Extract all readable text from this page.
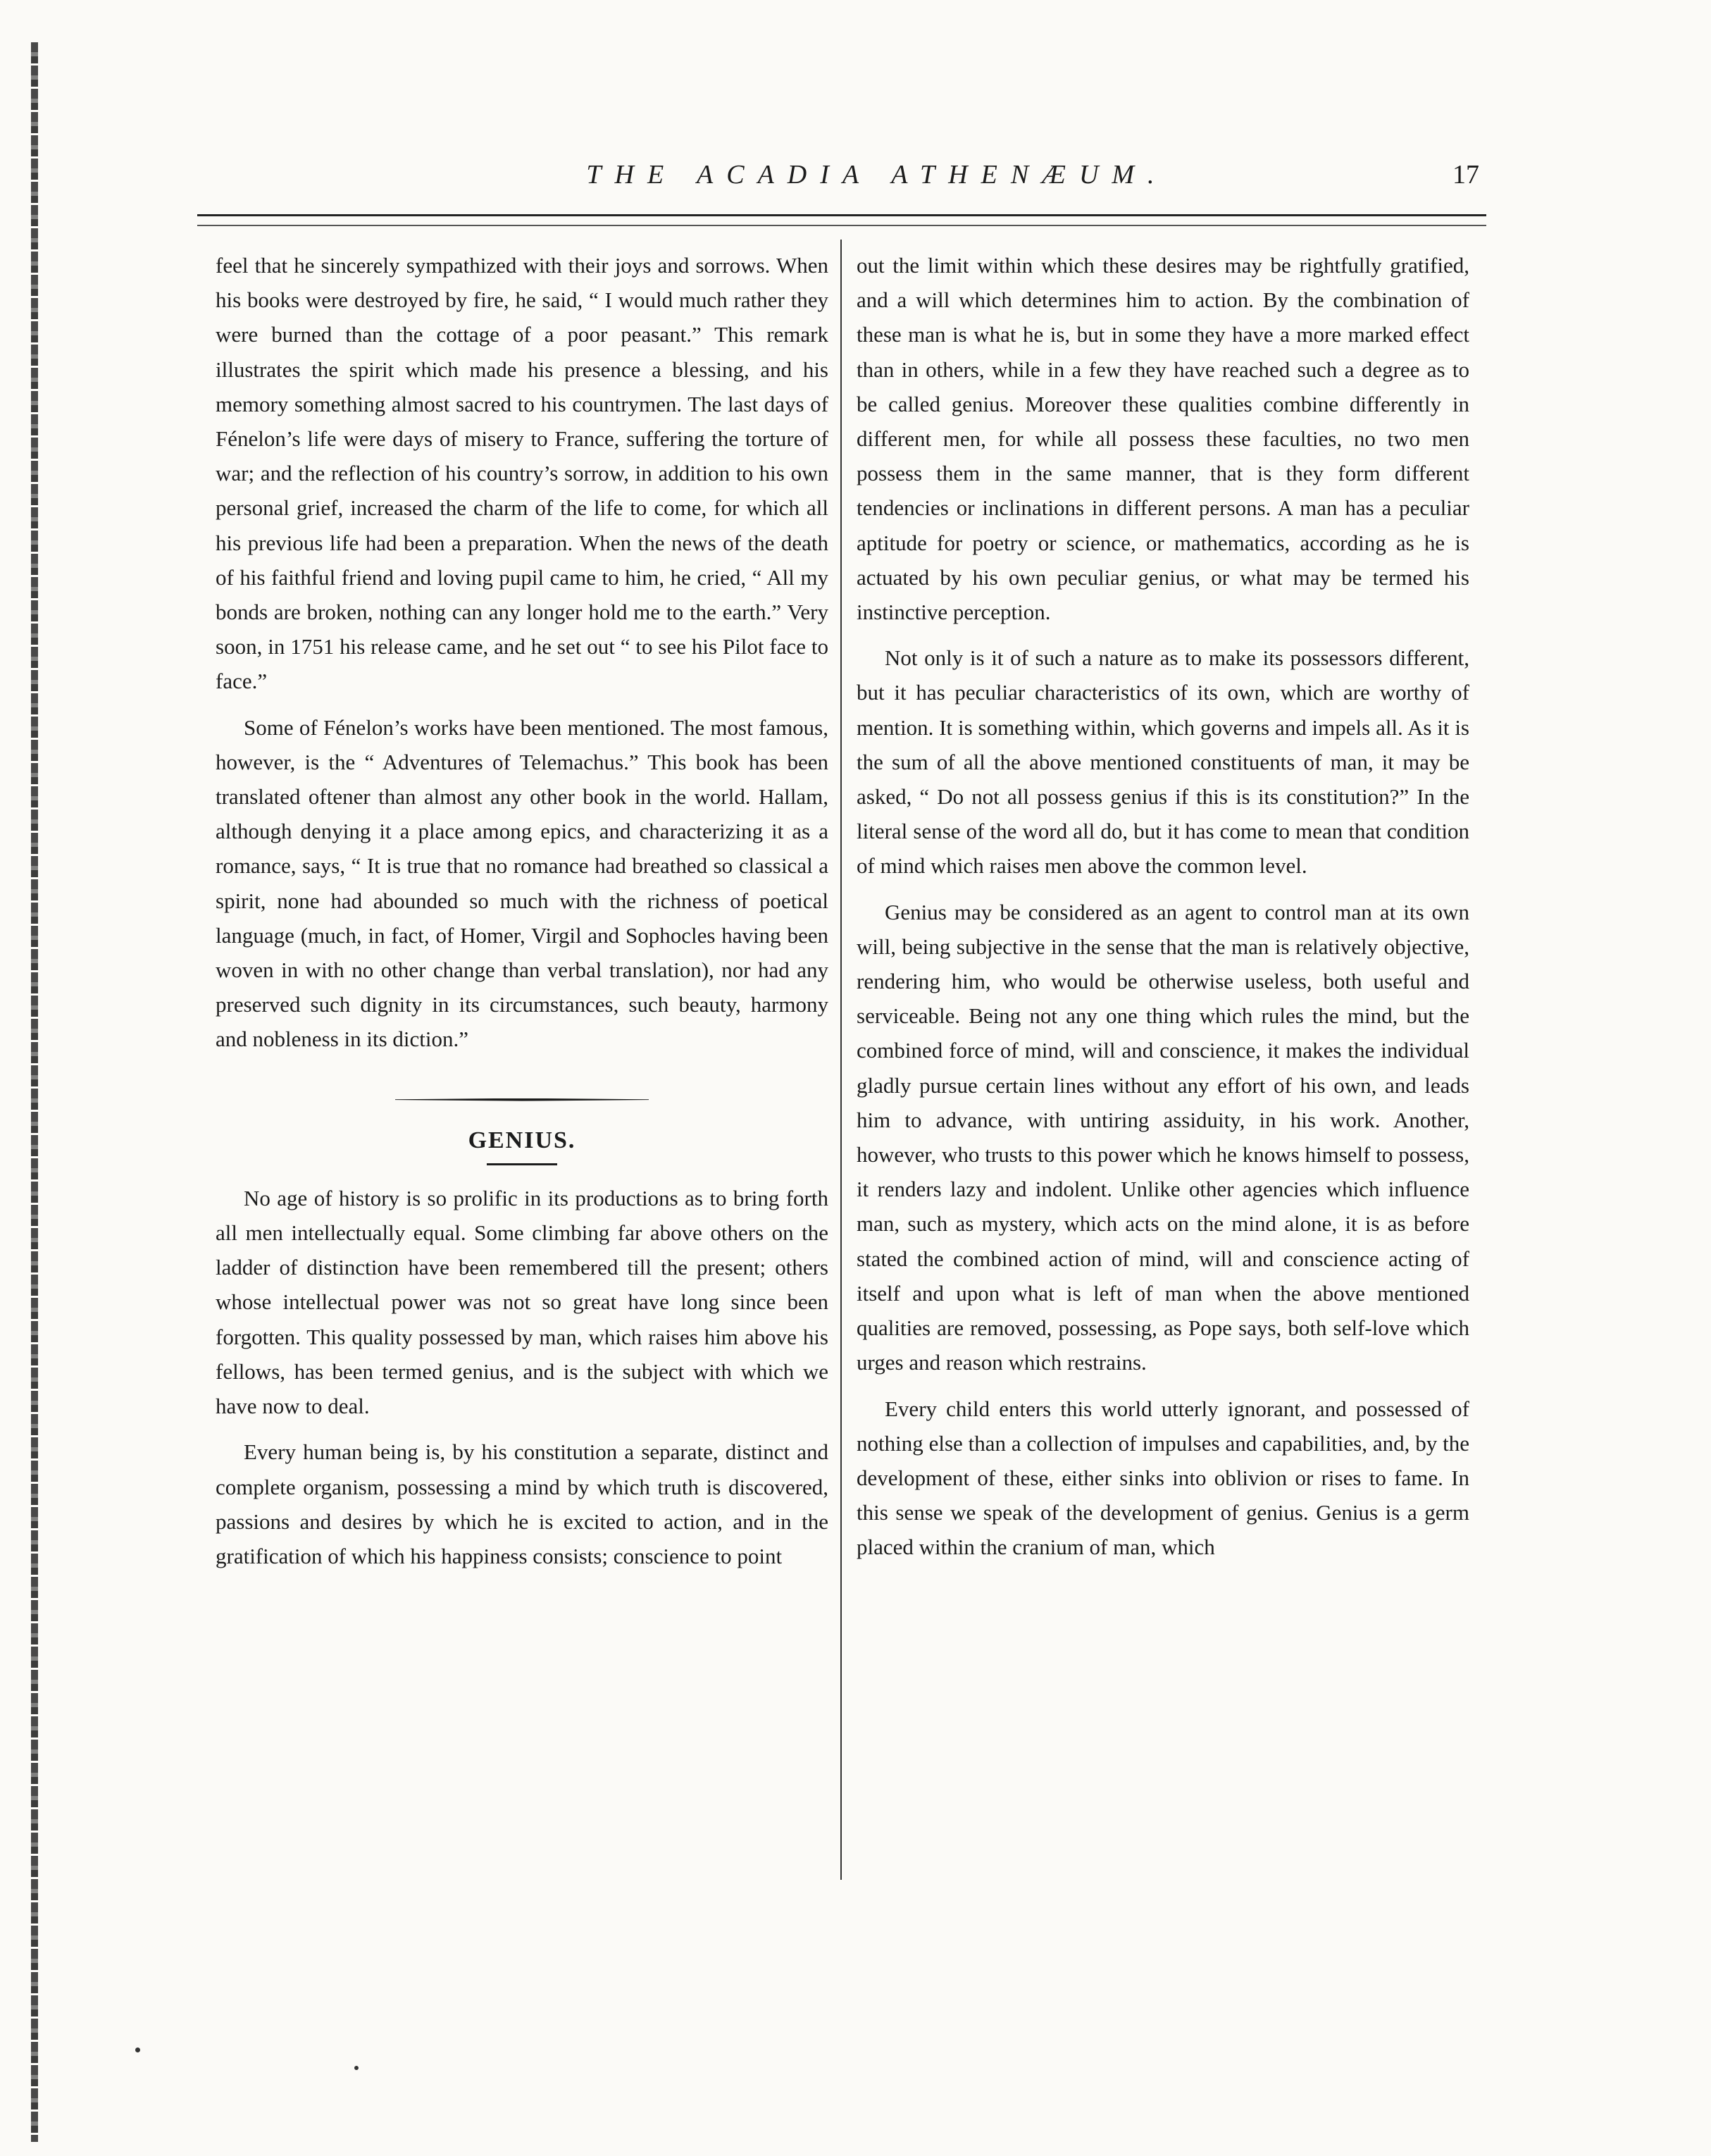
THE ACADIA ATHENÆUM.	17

feel that he sincerely sympathized with their joys and sorrows. When his books were destroyed by fire, he said, “ I would much rather they were burned than the cottage of a poor peasant.” This remark illustrates the spirit which made his presence a blessing, and his memory something almost sacred to his countrymen. The last days of Fénelon’s life were days of misery to France, suffering the torture of war; and the reflection of his country’s sorrow, in addition to his own personal grief, increased the charm of the life to come, for which all his previous life had been a preparation. When the news of the death of his faithful friend and loving pupil came to him, he cried, “ All my bonds are broken, nothing can any longer hold me to the earth.” Very soon, in 1751 his release came, and he set out “ to see his Pilot face to face.”

Some of Fénelon’s works have been mentioned. The most famous, however, is the “ Adventures of Telemachus.” This book has been translated oftener than almost any other book in the world. Hallam, although denying it a place among epics, and characterizing it as a romance, says, “ It is true that no romance had breathed so classical a spirit, none had abounded so much with the richness of poetical language (much, in fact, of Homer, Virgil and Sophocles having been woven in with no other change than verbal translation), nor had any preserved such dignity in its circumstances, such beauty, harmony and nobleness in its diction.”

GENIUS.

No age of history is so prolific in its productions as to bring forth all men intellectually equal. Some climbing far above others on the ladder of distinction have been remembered till the present; others whose intellectual power was not so great have long since been forgotten. This quality possessed by man, which raises him above his fellows, has been termed genius, and is the subject with which we have now to deal.

Every human being is, by his constitution a separate, distinct and complete organism, possessing a mind by which truth is discovered, passions and desires by which he is excited to action, and in the gratification of which his happiness consists; conscience to point

out the limit within which these desires may be rightfully gratified, and a will which determines him to action. By the combination of these man is what he is, but in some they have a more marked effect than in others, while in a few they have reached such a degree as to be called genius. Moreover these qualities combine differently in different men, for while all possess these faculties, no two men possess them in the same manner, that is they form different tendencies or inclinations in different persons. A man has a peculiar aptitude for poetry or science, or mathematics, according as he is actuated by his own peculiar genius, or what may be termed his instinctive perception.

Not only is it of such a nature as to make its possessors different, but it has peculiar characteristics of its own, which are worthy of mention. It is something within, which governs and impels all. As it is the sum of all the above mentioned constituents of man, it may be asked, “ Do not all possess genius if this is its constitution?” In the literal sense of the word all do, but it has come to mean that condition of mind which raises men above the common level.

Genius may be considered as an agent to control man at its own will, being subjective in the sense that the man is relatively objective, rendering him, who would be otherwise useless, both useful and serviceable. Being not any one thing which rules the mind, but the combined force of mind, will and conscience, it makes the individual gladly pursue certain lines without any effort of his own, and leads him to advance, with untiring assiduity, in his work. Another, however, who trusts to this power which he knows himself to possess, it renders lazy and indolent. Unlike other agencies which influence man, such as mystery, which acts on the mind alone, it is as before stated the combined action of mind, will and conscience acting of itself and upon what is left of man when the above mentioned qualities are removed, possessing, as Pope says, both self-love which urges and reason which restrains.

Every child enters this world utterly ignorant, and possessed of nothing else than a collection of impulses and capabilities, and, by the development of these, either sinks into oblivion or rises to fame. In this sense we speak of the development of genius. Genius is a germ placed within the cranium of man, which
